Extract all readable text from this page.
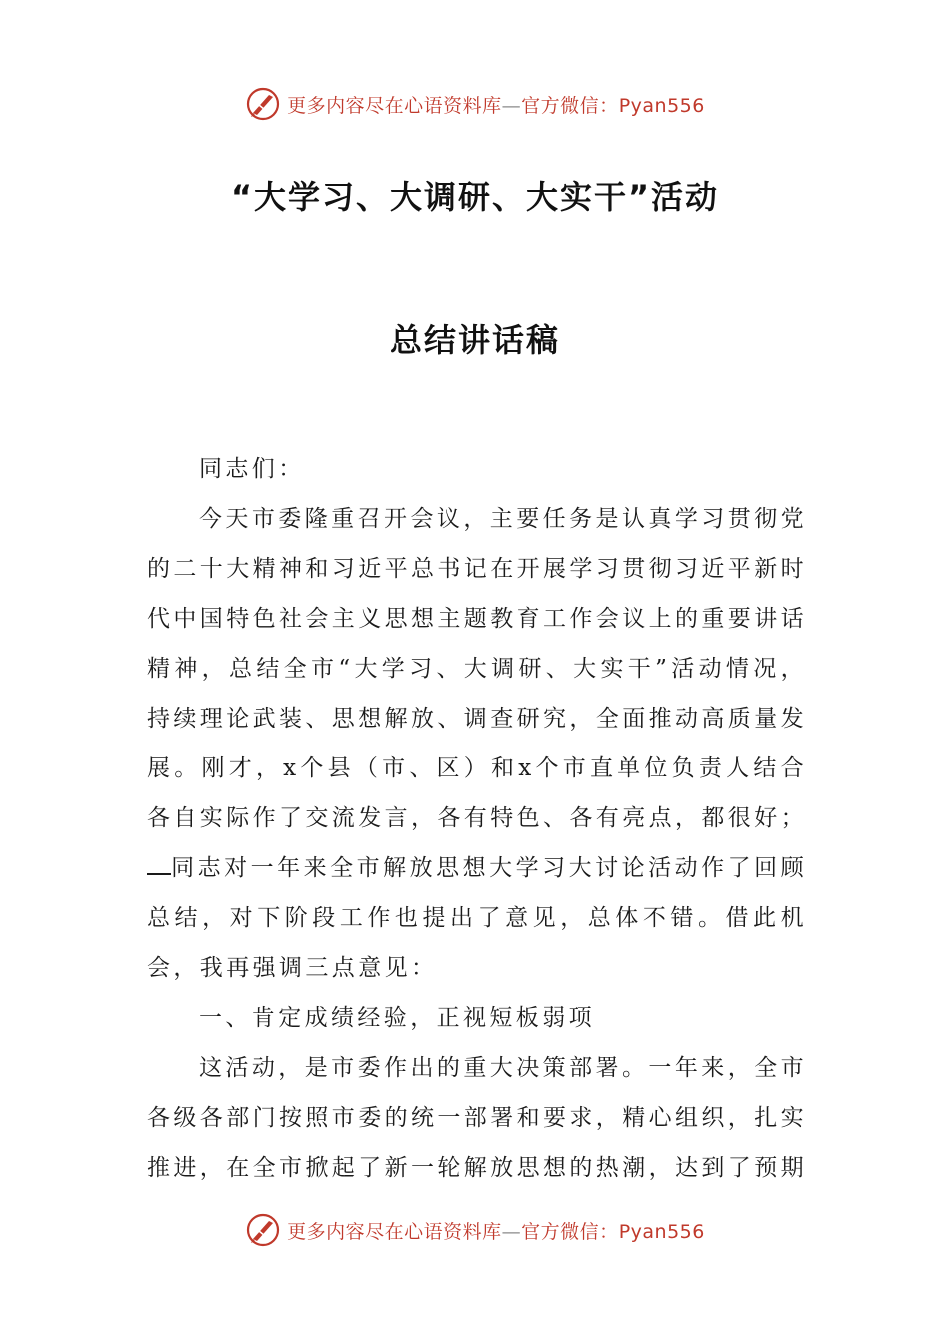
更多内容尽在心语资料库—官方微信：Pyan556
“大学习、大调研、大实干”活动
总结讲话稿

同志们：

今天市委隆重召开会议，主要任务是认真学习贯彻党的二十大精神和习近平总书记在开展学习贯彻习近平新时代中国特色社会主义思想主题教育工作会议上的重要讲话精神，总结全市“大学习、大调研、大实干”活动情况，持续理论武装、思想解放、调查研究，全面推动高质量发展。刚才，x个县（市、区）和x个市直单位负责人结合各自实际作了交流发言，各有特色、各有亮点，都很好；同志对一年来全市解放思想大学习大讨论活动作了回顾总结，对下阶段工作也提出了意见，总体不错。借此机会，我再强调三点意见：

一、肯定成绩经验，正视短板弱项

这活动，是市委作出的重大决策部署。一年来，全市各级各部门按照市委的统一部署和要求，精心组织，扎实推进，在全市掀起了新一轮解放思想的热潮，达到了预期

更多内容尽在心语资料库—官方微信：Pyan556
